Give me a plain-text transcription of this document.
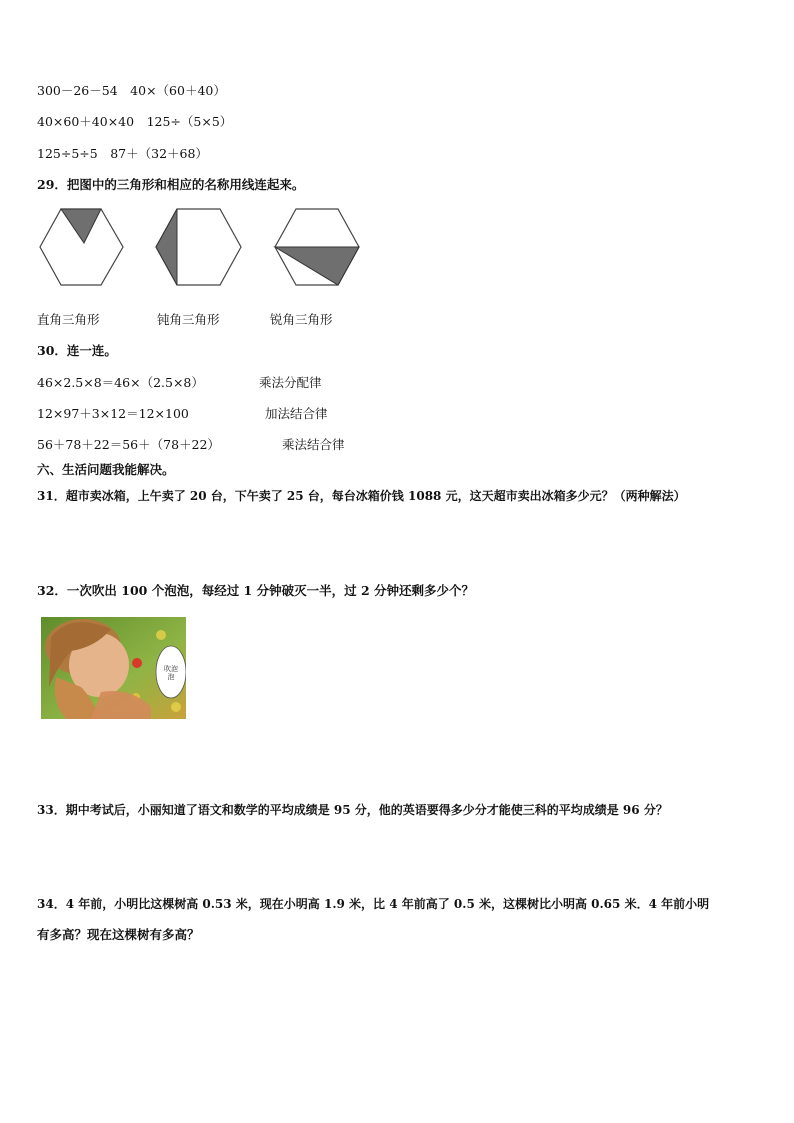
300－26－54　40×（60＋40）
40×60＋40×40　125÷（5×5）
125÷5÷5　87＋（32＋68）
29．把图中的三角形和相应的名称用线连起来。
直角三角形	钝角三角形	锐角三角形
30．连一连。
46×2.5×8＝46×（2.5×8）	乘法分配律
12×97＋3×12＝12×100	加法结合律
56＋78＋22＝56＋（78＋22）	乘法结合律
六、生活问题我能解决。
31．超市卖冰箱，上午卖了 20 台，下午卖了 25 台，每台冰箱价钱 1088 元，这天超市卖出冰箱多少元？（两种解法）
32．一次吹出 100 个泡泡，每经过 1 分钟破灭一半，过 2 分钟还剩多少个？
吹泡泡
33．期中考试后，小丽知道了语文和数学的平均成绩是 95 分，他的英语要得多少分才能使三科的平均成绩是 96 分？
34．4 年前，小明比这棵树高 0.53 米，现在小明高 1.9 米，比 4 年前高了 0.5 米，这棵树比小明高 0.65 米．4 年前小明
有多高？现在这棵树有多高？
